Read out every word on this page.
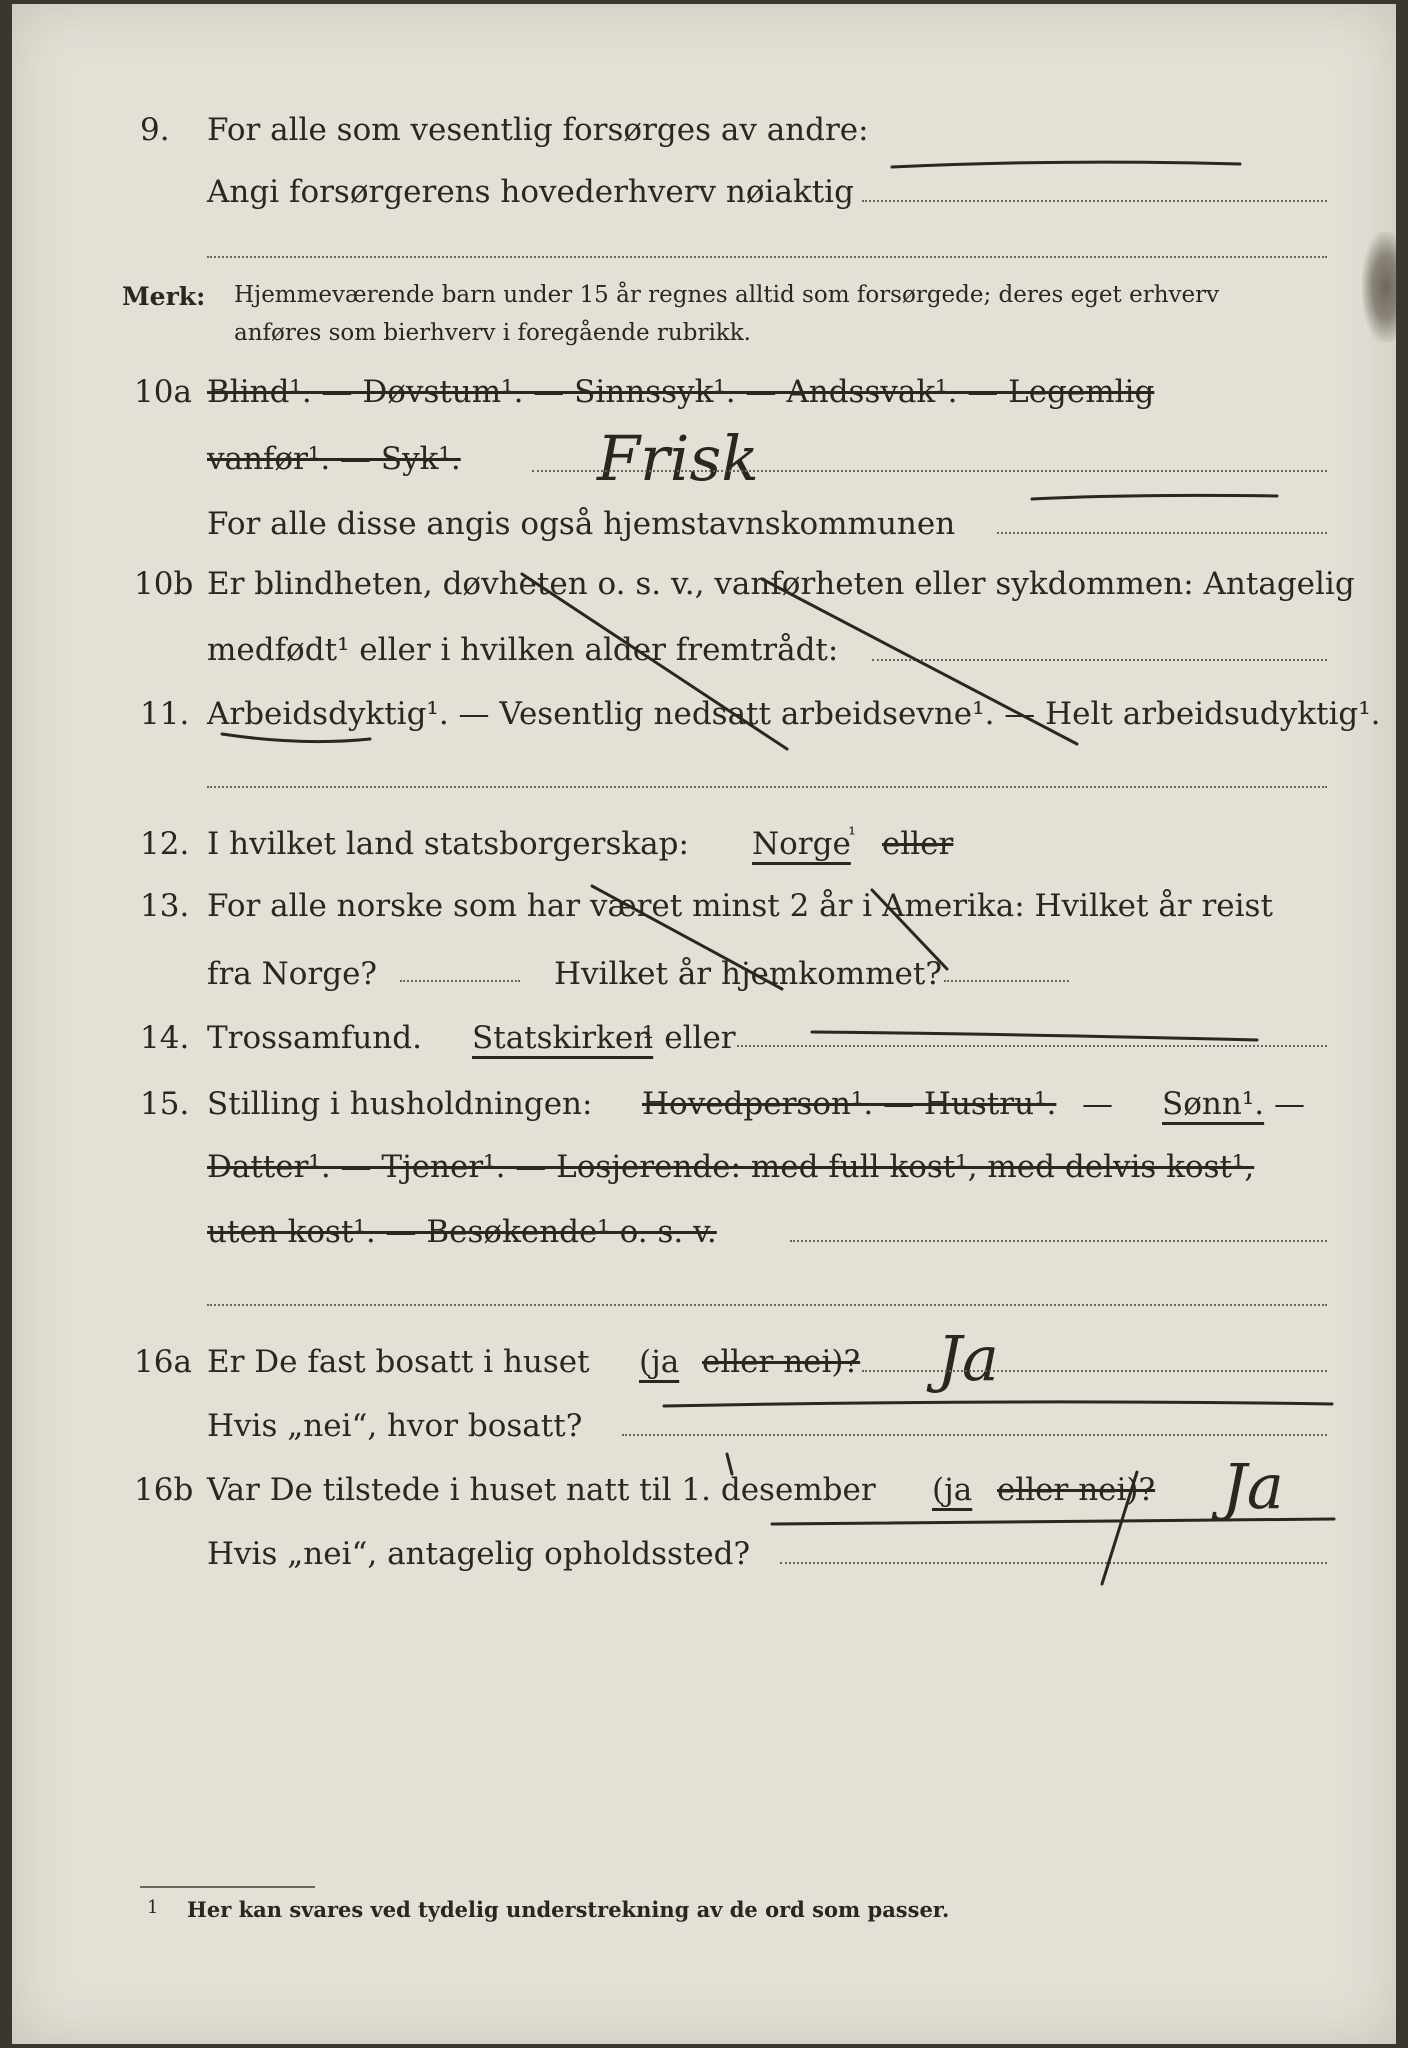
9. For alle som vesentlig forsørges av andre:
Angi forsørgerens hovederhverv nøiaktig
Merk: Hjemmeværende barn under 15 år regnes alltid som forsørgede; deres eget erhverv
anføres som bierhverv i foregående rubrikk.
10a Blind¹. — Døvstum¹. — Sinnssyk¹. — Andssvak¹. — Legemlig
vanfør¹. — Syk¹. Frisk
For alle disse angis også hjemstavnskommunen
10b Er blindheten, døvheten o. s. v., vanførheten eller sykdommen: Antagelig
medfødt¹ eller i hvilken alder fremtrådt:
11. Arbeidsdyktig¹. — Vesentlig nedsatt arbeidsevne¹. — Helt arbeidsudyktig¹.
12. I hvilket land statsborgerskap: Norge
¹ eller
13. For alle norske som har været minst 2 år i Amerika: Hvilket år reist
fra Norge?	Hvilket år hjemkommet?
14. Trossamfund. Statskirken
¹ eller
15. Stilling i husholdningen: Hovedperson¹. — Hustru¹. — Sønn¹. —
Datter¹. — Tjener¹. — Losjerende: med full kost¹, med delvis kost¹,
uten kost¹. — Besøkende¹ o. s. v.
16a Er De fast bosatt i huset (ja eller nei)? Ja
Hvis „nei“, hvor bosatt?
16b Var De tilstede i huset natt til 1. desember (ja eller nei)? Ja
Hvis „nei“, antagelig opholdssted?
1 Her kan svares ved tydelig understrekning av de ord som passer.
